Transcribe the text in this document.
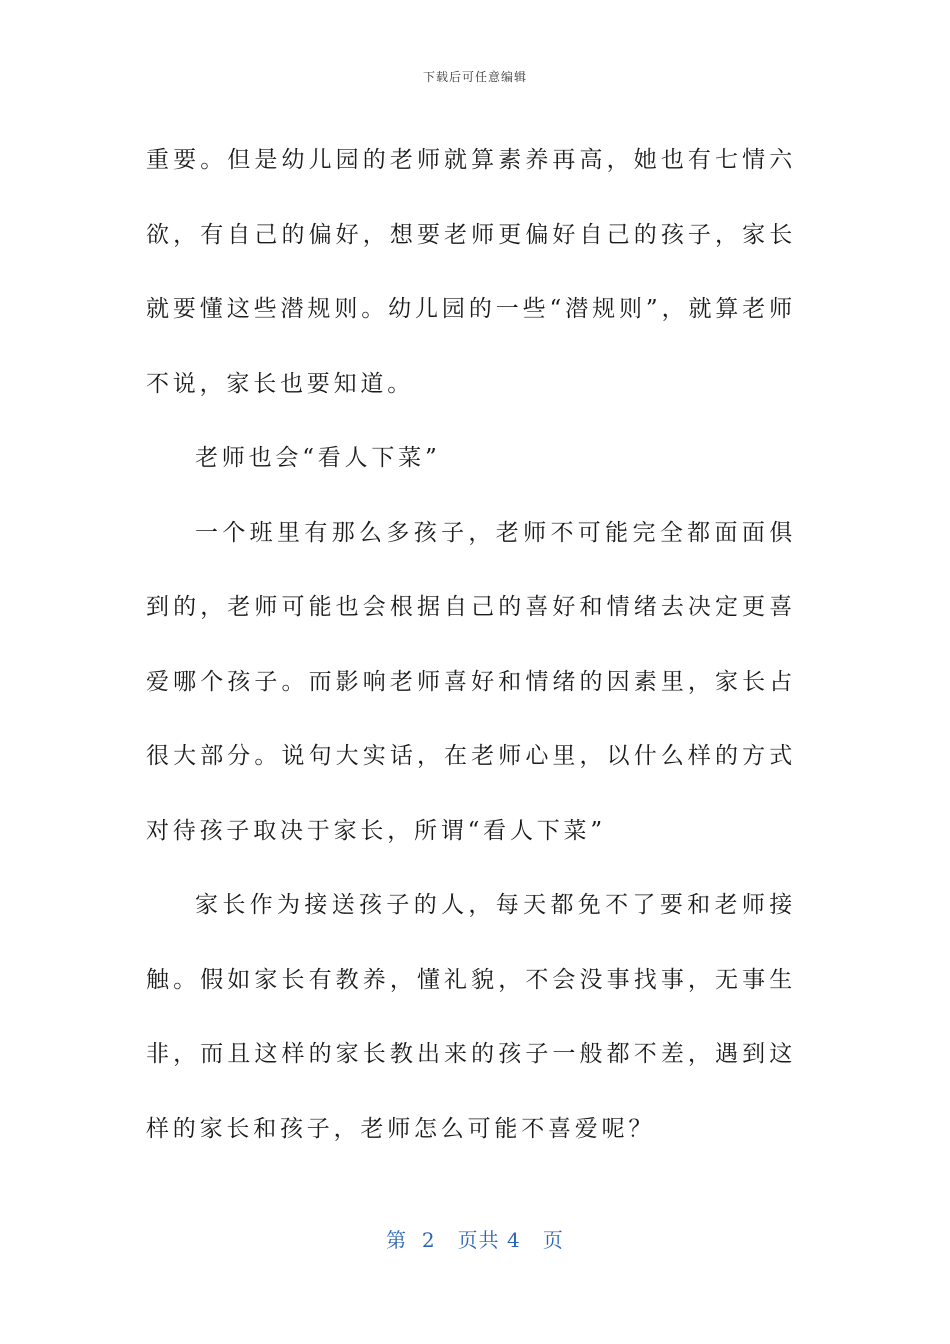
下载后可任意编辑

重要。但是幼儿园的老师就算素养再高，她也有七情六欲，有自己的偏好，想要老师更偏好自己的孩子，家长就要懂这些潜规则。幼儿园的一些“潜规则”，就算老师不说，家长也要知道。

老师也会“看人下菜”

一个班里有那么多孩子，老师不可能完全都面面俱到的，老师可能也会根据自己的喜好和情绪去决定更喜爱哪个孩子。而影响老师喜好和情绪的因素里，家长占很大部分。说句大实话，在老师心里，以什么样的方式对待孩子取决于家长，所谓“看人下菜”

家长作为接送孩子的人，每天都免不了要和老师接触。假如家长有教养，懂礼貌，不会没事找事，无事生非，而且这样的家长教出来的孩子一般都不差，遇到这样的家长和孩子，老师怎么可能不喜爱呢？

第  2   页共 4   页
